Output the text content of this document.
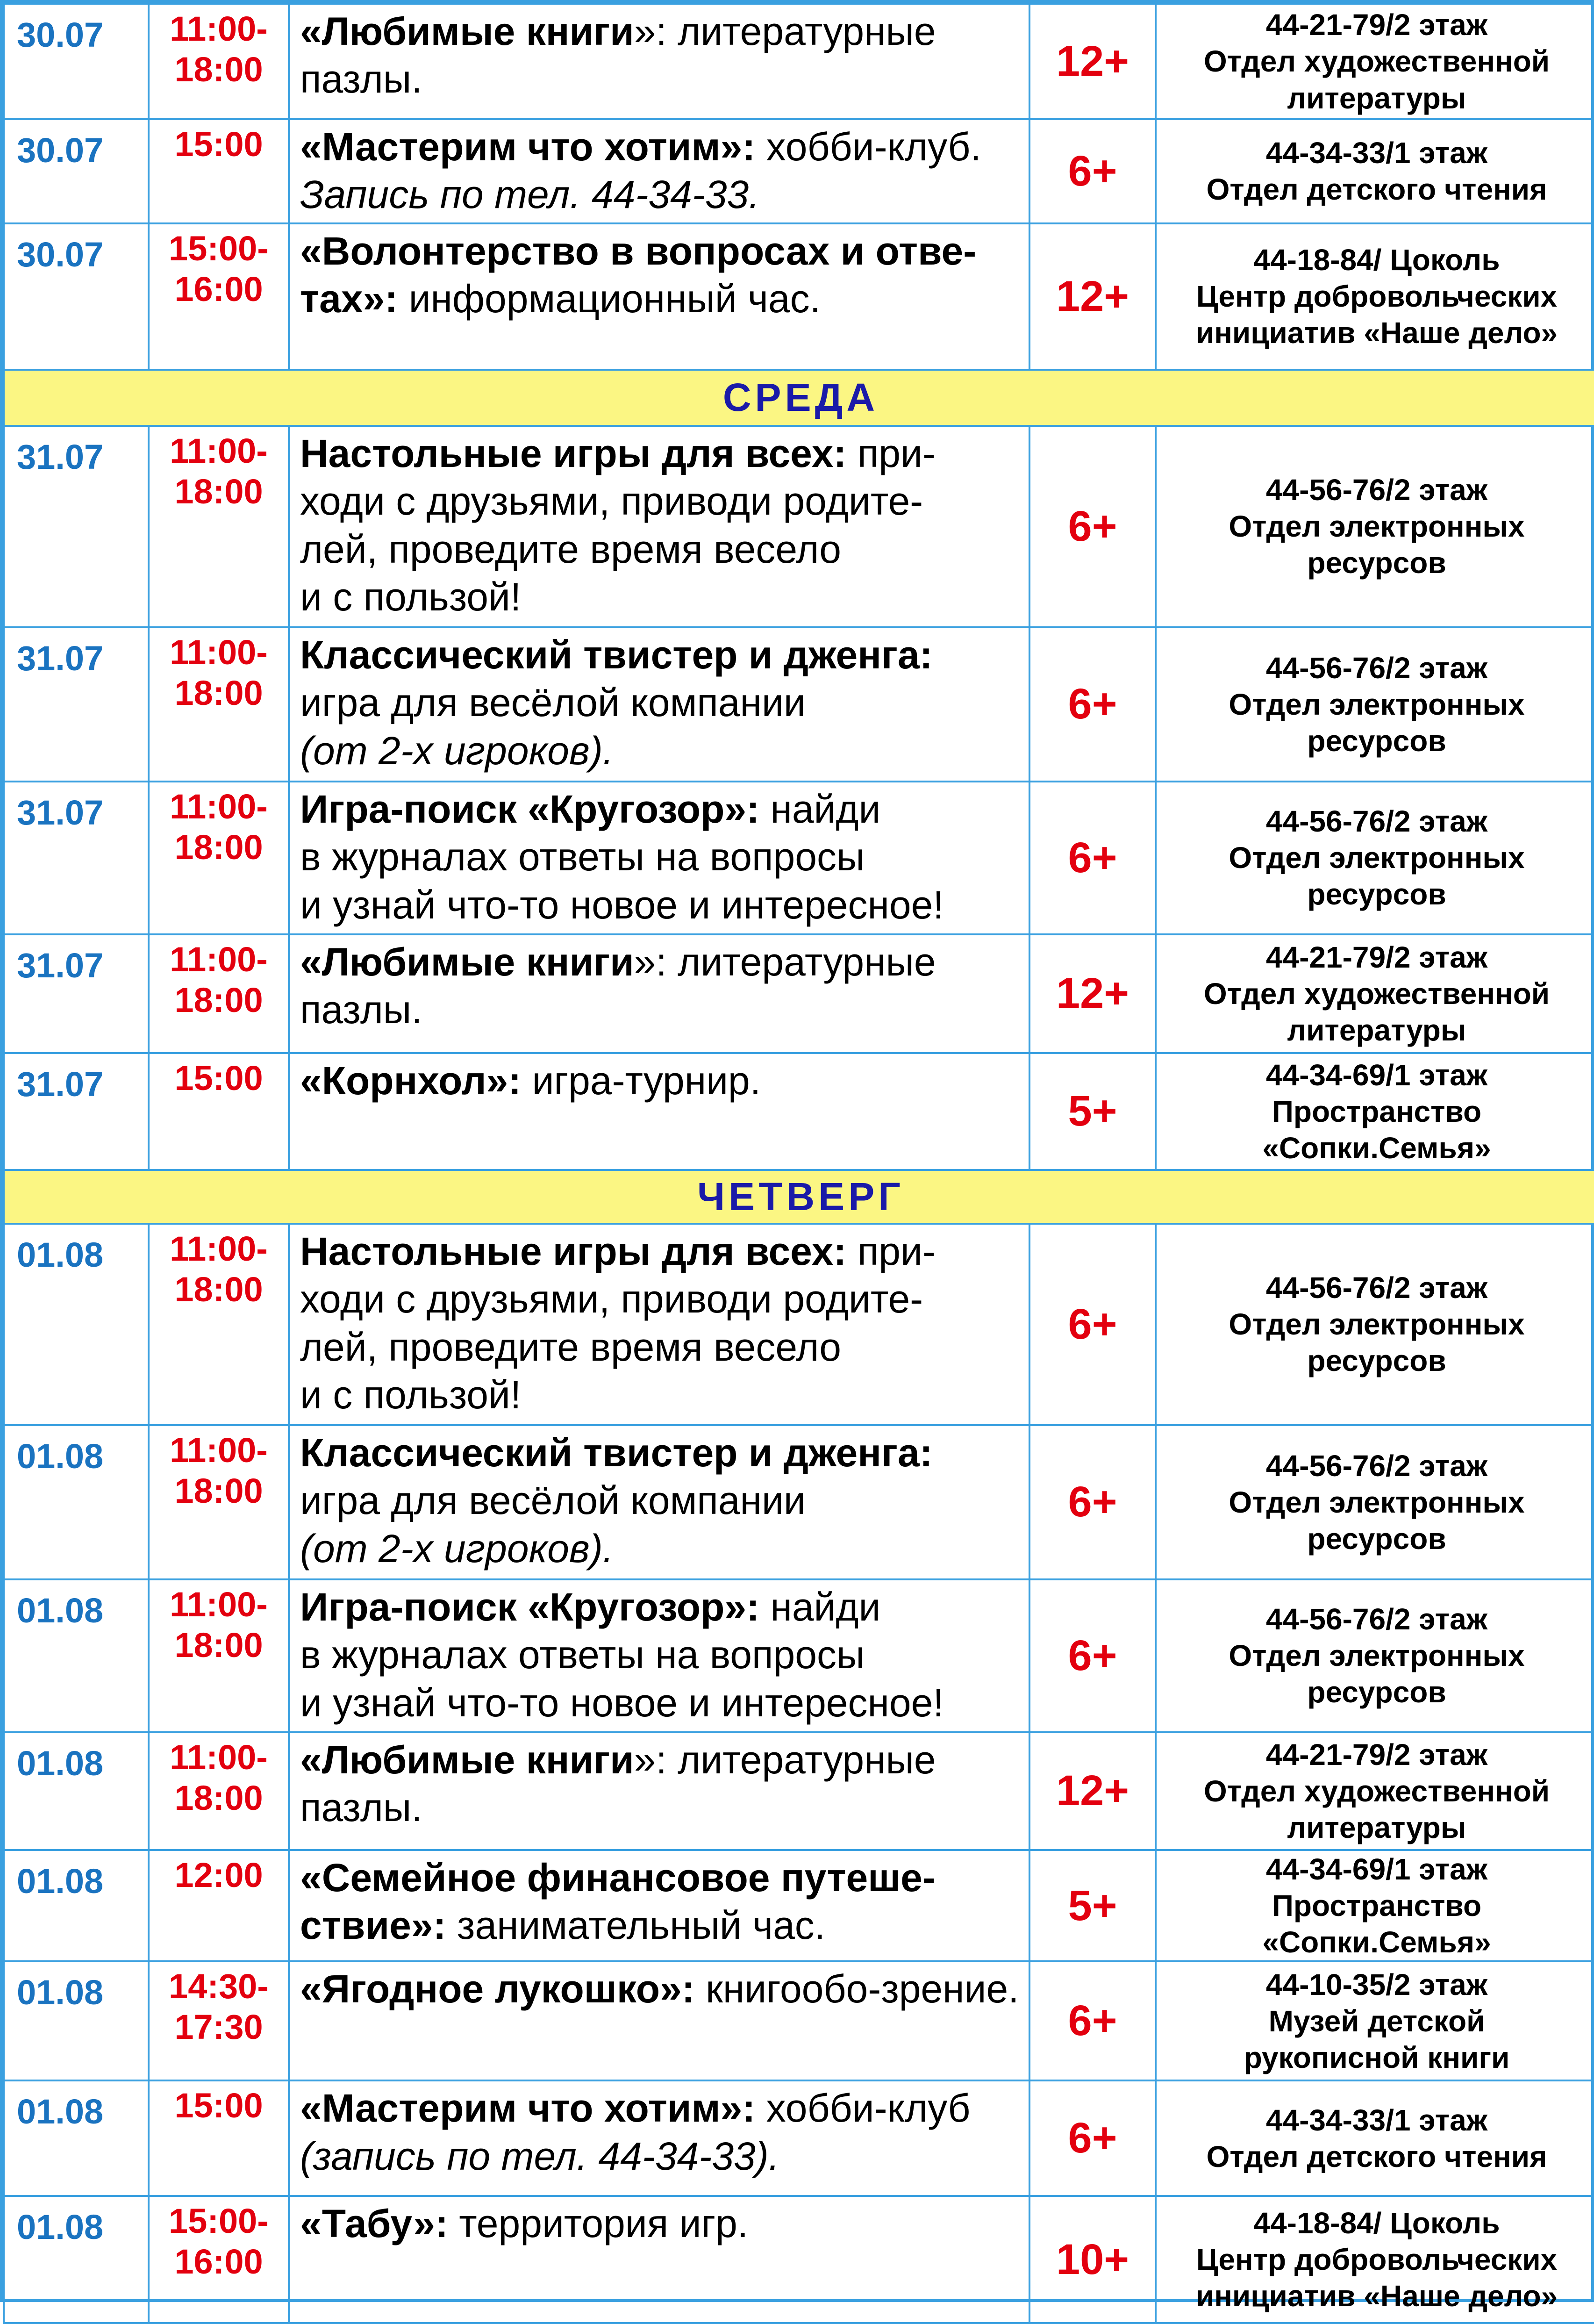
30.07	11:00-
18:00	«Любимые книги»: литературные пазлы.	12+	44-21-79/2 этаж
Отдел художественной
литературы
30.07	15:00	«Мастерим что хотим»: хобби-клуб. Запись по тел. 44-34-33.	6+	44-34-33/1 этаж
Отдел детского чтения
30.07	15:00-
16:00	«Волонтерство в вопросах и отве-тах»: информационный час.	12+	44-18-84/ Цоколь
Центр добровольческих
инициатив «Наше дело»
СРЕДА				
31.07	11:00-
18:00	Настольные игры для всех: при-
ходи с друзьями, приводи родите-
лей, проведите время весело
и с пользой!	6+	44-56-76/2 этаж
Отдел электронных
ресурсов
31.07	11:00-
18:00	Классический твистер и дженга:
игра для весёлой компании
(от 2-х игроков).	6+	44-56-76/2 этаж
Отдел электронных
ресурсов
31.07	11:00-
18:00	Игра-поиск «Кругозор»: найди
в журналах ответы на вопросы
и узнай что-то новое и интересное!	6+	44-56-76/2 этаж
Отдел электронных
ресурсов
31.07	11:00-
18:00	«Любимые книги»: литературные
пазлы.	12+	44-21-79/2 этаж
Отдел художественной
литературы
31.07	15:00	«Корнхол»: игра-турнир.	5+	44-34-69/1 этаж
Пространство
«Сопки.Семья»
ЧЕТВЕРГ				
01.08	11:00-
18:00	Настольные игры для всех: при-
ходи с друзьями, приводи родите-
лей, проведите время весело
и с пользой!	6+	44-56-76/2 этаж
Отдел электронных
ресурсов
01.08	11:00-
18:00	Классический твистер и дженга:
игра для весёлой компании
(от 2-х игроков).	6+	44-56-76/2 этаж
Отдел электронных
ресурсов
01.08	11:00-
18:00	Игра-поиск «Кругозор»: найди
в журналах ответы на вопросы
и узнай что-то новое и интересное!	6+	44-56-76/2 этаж
Отдел электронных
ресурсов
01.08	11:00-
18:00	«Любимые книги»: литературные
пазлы.	12+	44-21-79/2 этаж
Отдел художественной
литературы
01.08	12:00	«Семейное финансовое путеше-ствие»: занимательный час.	5+	44-34-69/1 этаж
Пространство
«Сопки.Семья»
01.08	14:30-
17:30	«Ягодное лукошко»: книгообо-зрение.	6+	44-10-35/2 этаж
Музей детской
рукописной книги
01.08	15:00	«Мастерим что хотим»: хобби-клуб (запись по тел. 44-34-33).	6+	44-34-33/1 этаж
Отдел детского чтения
01.08	15:00-
16:00	«Табу»: территория игр.	10+	44-18-84/ Цоколь
Центр добровольческих
инициатив «Наше дело»
